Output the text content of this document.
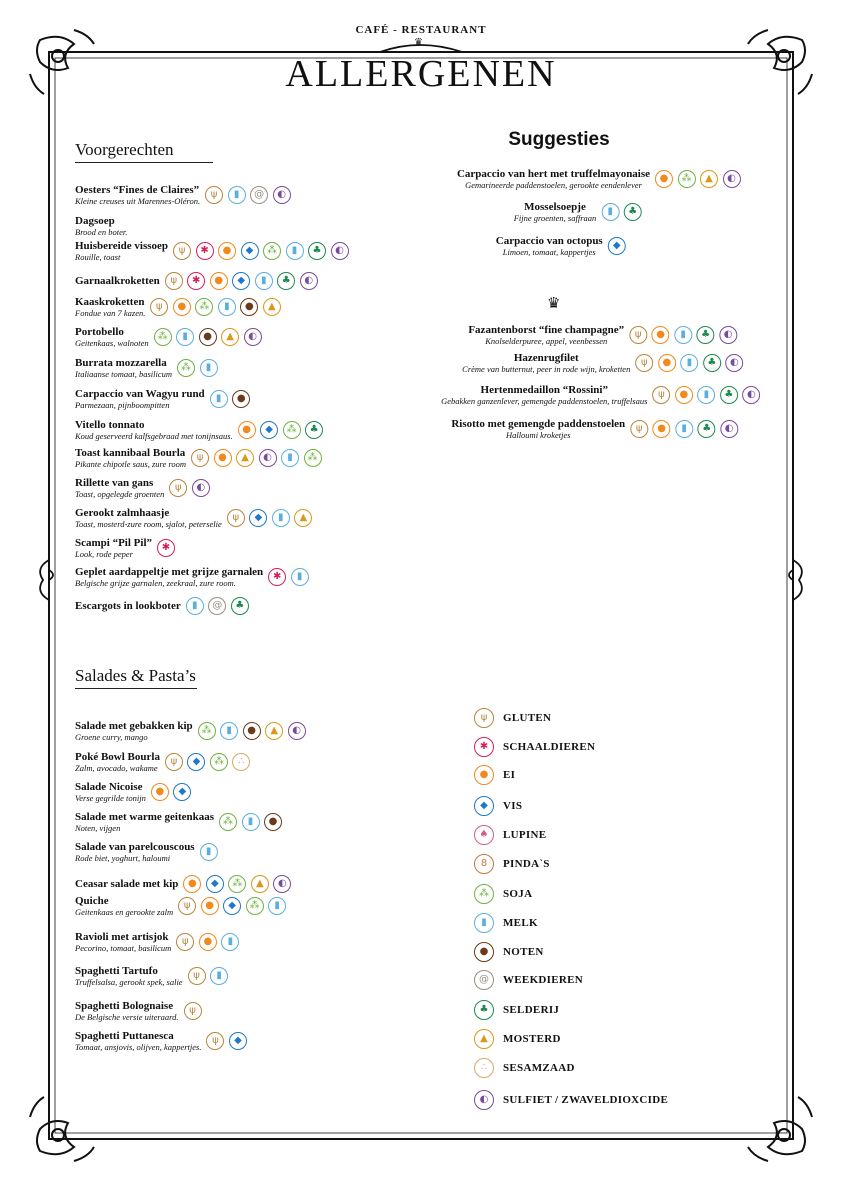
CAFÉ - RESTAURANT
♛
ALLERGENEN
Voorgerechten	Suggesties
♛
Salades & Pasta’s
Oesters “Fines de Claires”
Kleine creuses uit Marennes-Oléron.
ψ	▮	@	◐
Dagsoep
Brood en boter.
Huisbereide vissoep
Rouille, toast
ψ	✱	●	◆	⁂	▮	♣	◐
Garnaalkroketten	ψ	✱	●	◆	▮	♣	◐
Kaaskroketten
Fondue van 7 kazen.
ψ	●	⁂	▮	●	▲
Portobello
Geitenkaas, walnoten
⁂	▮	●	▲	◐
Burrata mozzarella
Italiaanse tomaat, basilicum
⁂	▮
Carpaccio van Wagyu rund
Parmezaan, pijnboompitten
▮	●
Vitello tonnato
Koud geserveerd kalfsgebraad met tonijnsaus.
●	◆	⁂	♣
Toast kannibaal Bourla
Pikante chipotle saus, zure room
ψ	●	▲	◐	▮	⁂
Rillette van gans
Toast, opgelegde groenten
ψ	◐
Gerookt zalmhaasje
Toast, mosterd-zure room, sjalot, peterselie
ψ	◆	▮	▲
Scampi “Pil Pil”
Look, rode peper
✱
Geplet aardappeltje met grijze garnalen
Belgische grijze garnalen, zeekraal, zure room.
✱	▮
Escargots in lookboter	▮	@	♣
Carpaccio van hert met truffelmayonaise
Gemarineerde paddenstoelen, gerookte eendenlever
●	⁂	▲	◐
Mosselsoepje
Fijne groenten, saffraan
▮	♣
Carpaccio van octopus
Limoen, tomaat, kappertjes
◆
Fazantenborst “fine champagne”
Knolselderpuree, appel, veenbessen
ψ	●	▮	♣	◐
Hazenrugfilet
Crème van butternut, peer in rode wijn, kroketten
ψ	●	▮	♣	◐
Hertenmedaillon “Rossini”
Gebakken ganzenlever, gemengde paddenstoelen, truffelsaus
ψ	●	▮	♣	◐
Risotto met gemengde paddenstoelen
Halloumi kroketjes
ψ	●	▮	♣	◐
Salade met gebakken kip
Groene curry, mango
⁂	▮	●	▲	◐
Poké Bowl Bourla
Zalm, avocado, wakame
ψ	◆	⁂	∴
Salade Nicoise
Verse gegrilde tonijn
●	◆
Salade met warme geitenkaas
Noten, vijgen
⁂	▮	●
Salade van parelcouscous
Rode biet, yoghurt, haloumi
▮
Ceasar salade met kip ●	◆	⁂	▲	◐
Quiche
Geitenkaas en gerookte zalm
ψ	●	◆	⁂	▮
Ravioli met artisjok
Pecorino, tomaat, basilicum
ψ	●	▮
Spaghetti Tartufo
Truffelsalsa, gerookt spek, salie
ψ	▮
Spaghetti Bolognaise
De Belgische versie uiteraard.
ψ
Spaghetti Puttanesca
Tomaat, ansjovis, olijven, kappertjes.
ψ	◆
ψ	GLUTEN
✱	SCHAALDIEREN
●	EI
◆	VIS
♠	LUPINE
8	PINDA`S
⁂	SOJA
▮	MELK
●	NOTEN
@	WEEKDIEREN
♣	SELDERIJ
▲	MOSTERD
∴	SESAMZAAD
◐	SULFIET / ZWAVELDIOXCIDE
